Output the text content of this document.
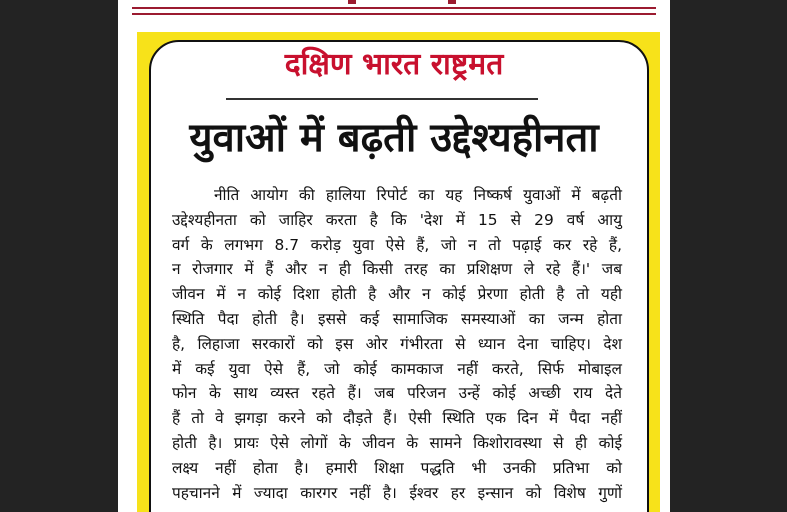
दक्षिण भारत राष्ट्रमत
युवाओं में बढ़ती उद्देश्यहीनता
नीति आयोग की हालिया रिपोर्ट का यह निष्कर्ष युवाओं में बढ़ती
उद्देश्यहीनता को जाहिर करता है कि 'देश में 15 से 29 वर्ष आयु
वर्ग के लगभग 8.7 करोड़ युवा ऐसे हैं, जो न तो पढ़ाई कर रहे हैं,
न रोजगार में हैं और न ही किसी तरह का प्रशिक्षण ले रहे हैं।' जब
जीवन में न कोई दिशा होती है और न कोई प्रेरणा होती है तो यही
स्थिति पैदा होती है। इससे कई सामाजिक समस्याओं का जन्म होता
है, लिहाजा सरकारों को इस ओर गंभीरता से ध्यान देना चाहिए। देश
में कई युवा ऐसे हैं, जो कोई कामकाज नहीं करते, सिर्फ मोबाइल
फोन के साथ व्यस्त रहते हैं। जब परिजन उन्हें कोई अच्छी राय देते
हैं तो वे झगड़ा करने को दौड़ते हैं। ऐसी स्थिति एक दिन में पैदा नहीं
होती है। प्रायः ऐसे लोगों के जीवन के सामने किशोरावस्था से ही कोई
लक्ष्य नहीं होता है। हमारी शिक्षा पद्धति भी उनकी प्रतिभा को
पहचानने में ज्यादा कारगर नहीं है। ईश्वर हर इन्सान को विशेष गुणों
